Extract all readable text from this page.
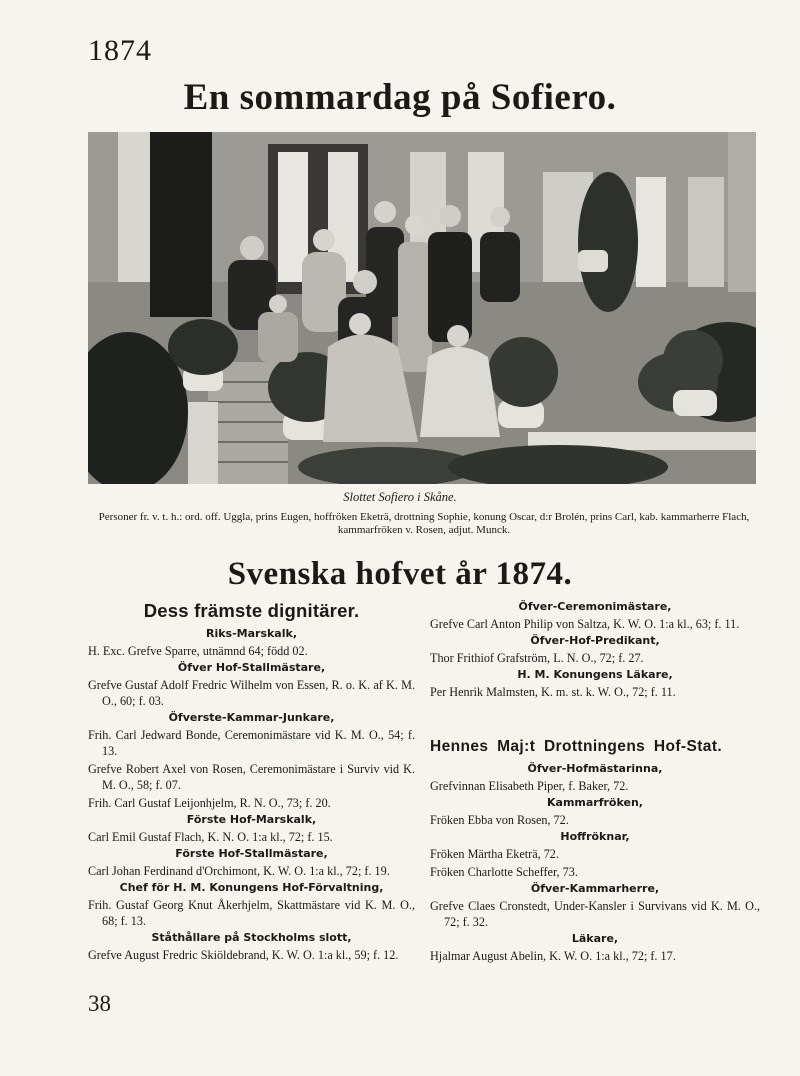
1874
En sommardag på Sofiero.
Slottet Sofiero i Skåne.
Personer fr. v. t. h.: ord. off. Uggla, prins Eugen, hoffröken Eketrä, drottning Sophie, konung Oscar, d:r Brolén, prins Carl, kab. kammarherre Flach, kammarfröken v. Rosen, adjut. Munck.
Svenska hofvet år 1874.
Dess främste dignitärer.
Riks-Marskalk,
H. Exc. Grefve Sparre, utnämnd 64; född 02.
Öfver Hof-Stallmästare,
Grefve Gustaf Adolf Fredric Wilhelm von Essen, R. o. K. af K. M. O., 60; f. 03.
Öfverste-Kammar-Junkare,
Frih. Carl Jedward Bonde, Ceremonimästare vid K. M. O., 54; f. 13.
Grefve Robert Axel von Rosen, Ceremonimästare i Surviv vid K. M. O., 58; f. 07.
Frih. Carl Gustaf Leijonhjelm, R. N. O., 73; f. 20.
Förste Hof-Marskalk,
Carl Emil Gustaf Flach, K. N. O. 1:a kl., 72; f. 15.
Förste Hof-Stallmästare,
Carl Johan Ferdinand d'Orchimont, K. W. O. 1:a kl., 72; f. 19.
Chef för H. M. Konungens Hof-Förvaltning,
Frih. Gustaf Georg Knut Åkerhjelm, Skattmästare vid K. M. O., 68; f. 13.
Ståthållare på Stockholms slott,
Grefve August Fredric Skiöldebrand, K. W. O. 1:a kl., 59; f. 12.
Öfver-Ceremonimästare,
Grefve Carl Anton Philip von Saltza, K. W. O. 1:a kl., 63; f. 11.
Öfver-Hof-Predikant,
Thor Frithiof Grafström, L. N. O., 72; f. 27.
H. M. Konungens Läkare,
Per Henrik Malmsten, K. m. st. k. W. O., 72; f. 11.
Hennes Maj:t Drottningens Hof-Stat.
Öfver-Hofmästarinna,
Grefvinnan Elisabeth Piper, f. Baker, 72.
Kammarfröken,
Fröken Ebba von Rosen, 72.
Hoffröknar,
Fröken Märtha Eketrä, 72.
Fröken Charlotte Scheffer, 73.
Öfver-Kammarherre,
Grefve Claes Cronstedt, Under-Kansler i Survivans vid K. M. O., 72; f. 32.
Läkare,
Hjalmar August Abelin, K. W. O. 1:a kl., 72; f. 17.
38
